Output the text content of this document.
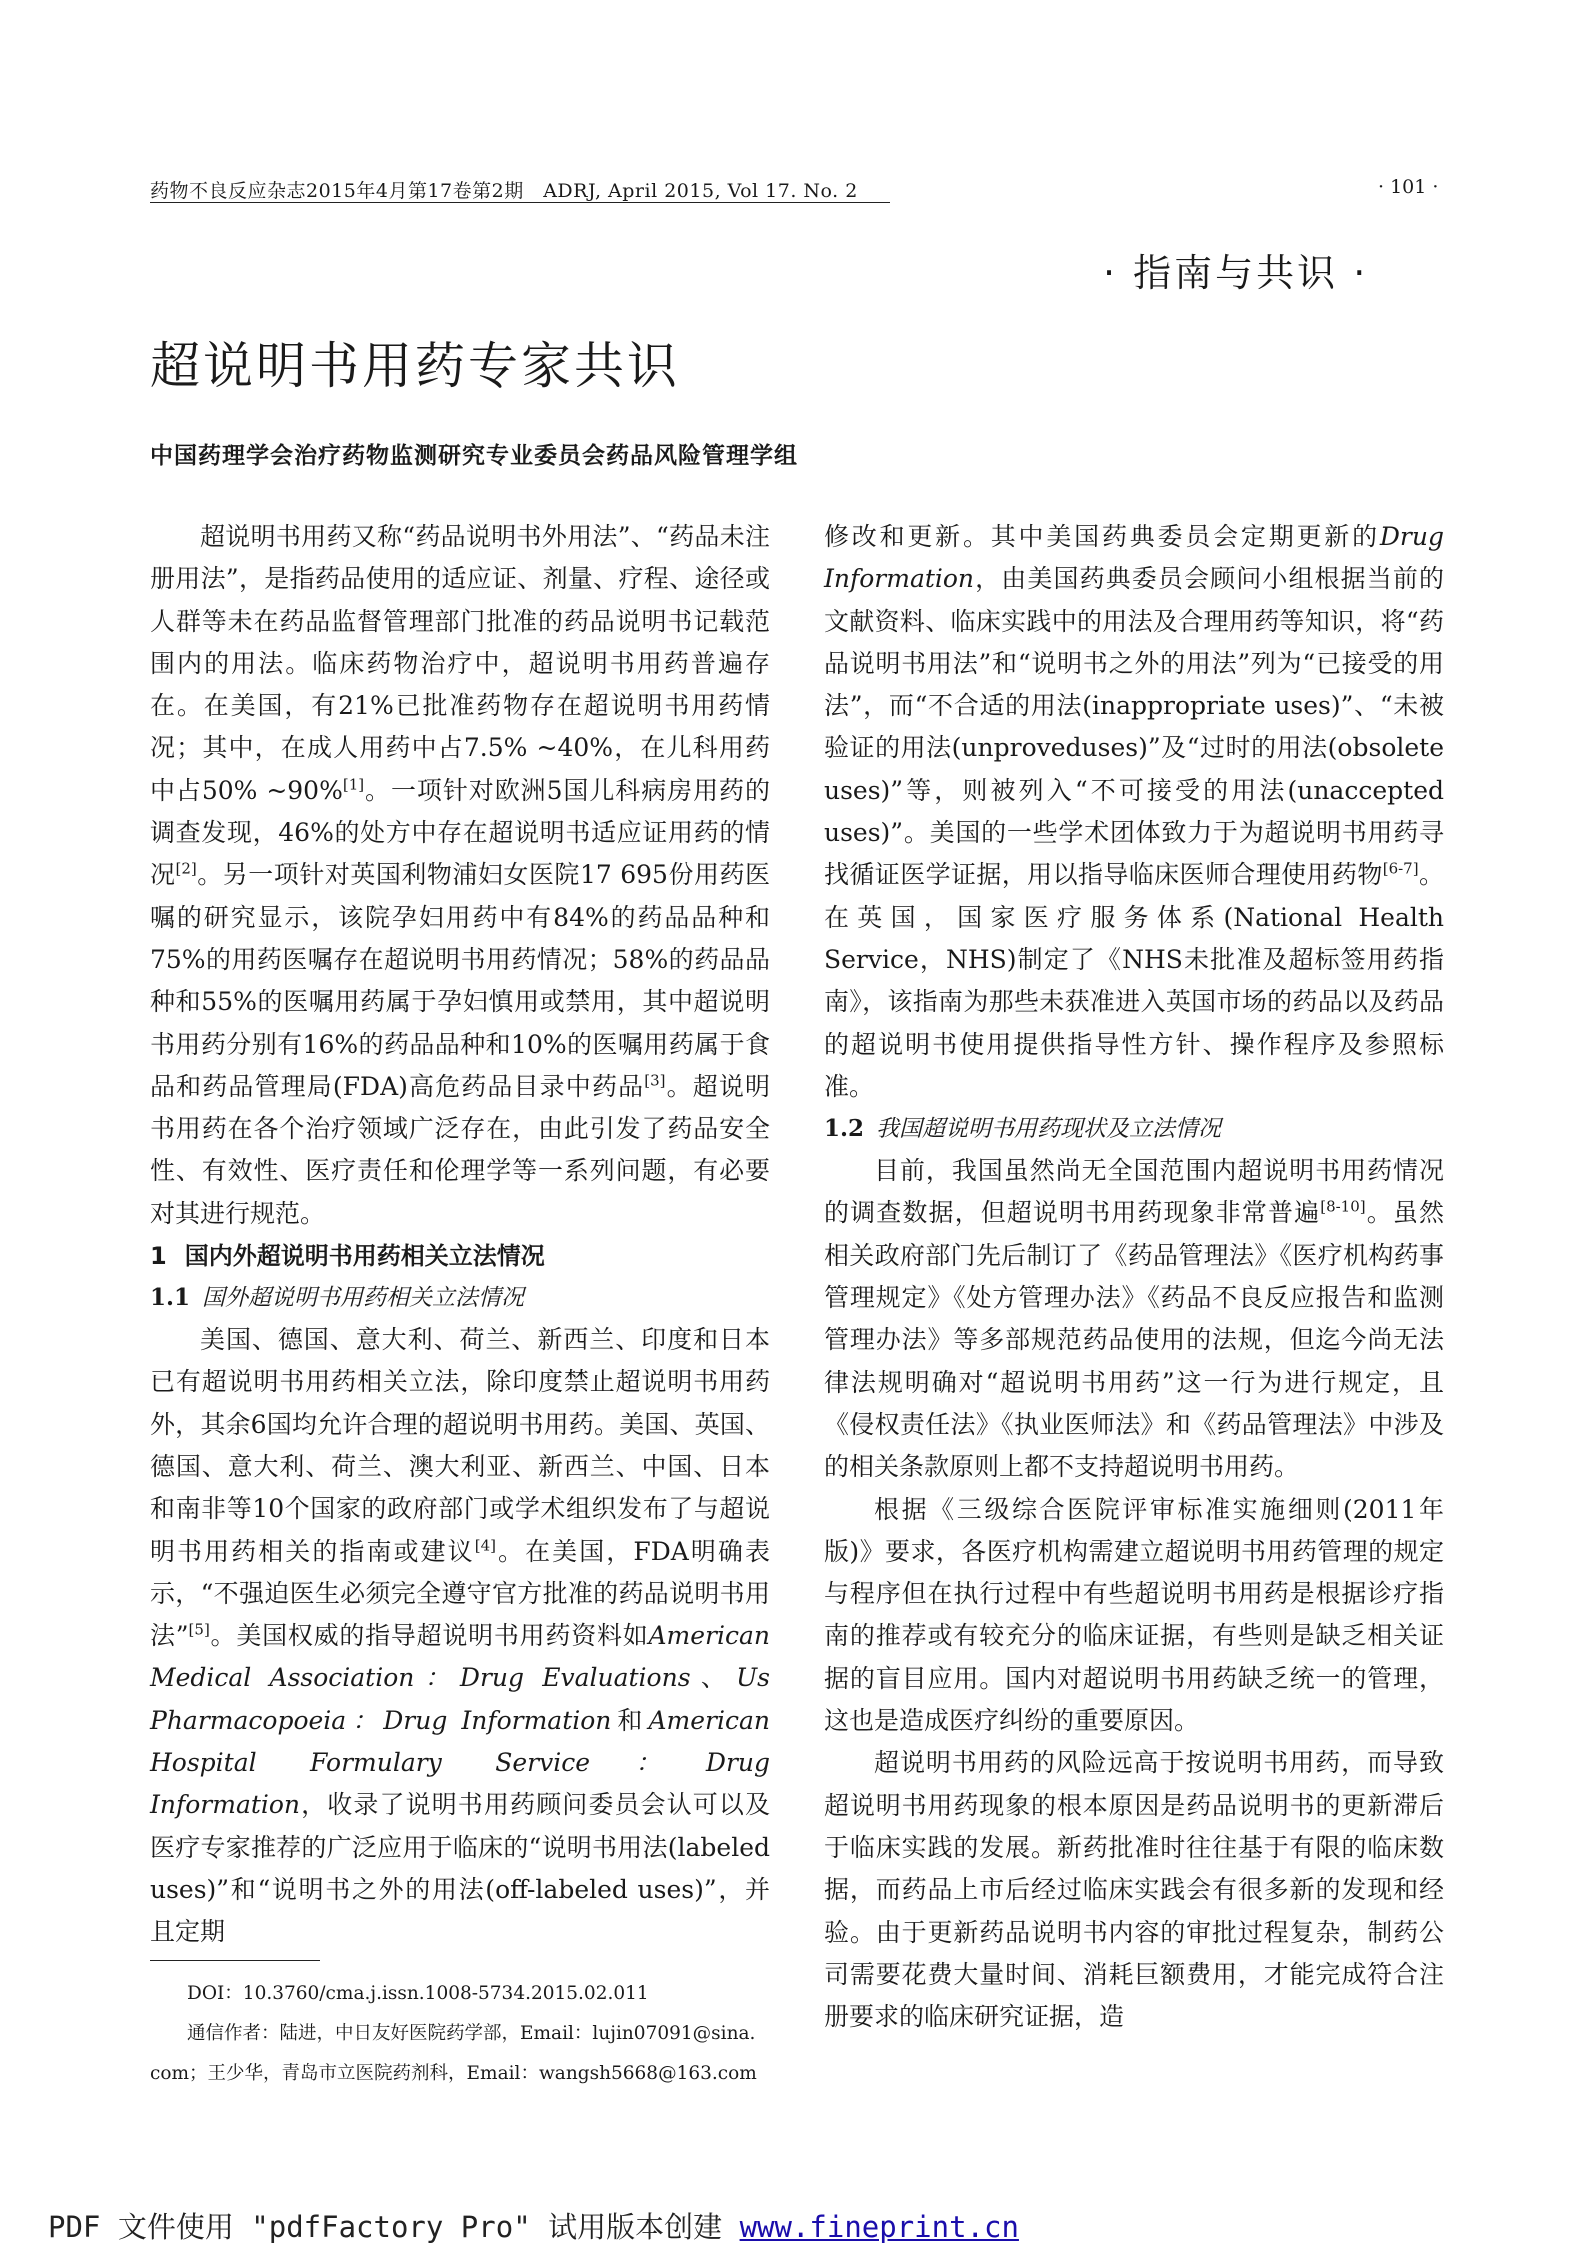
药物不良反应杂志2015年4月第17卷第2期　ADRJ, April 2015, Vol 17. No. 2	· 101 ·
· 指南与共识 ·
超说明书用药专家共识
中国药理学会治疗药物监测研究专业委员会药品风险管理学组

超说明书用药又称“药品说明书外用法”、“药品未注册用法”，是指药品使用的适应证、剂量、疗程、途径或人群等未在药品监督管理部门批准的药品说明书记载范围内的用法。临床药物治疗中，超说明书用药普遍存在。在美国，有21%已批准药物存在超说明书用药情况；其中，在成人用药中占7.5% ~40%，在儿科用药中占50% ~90%[1]。一项针对欧洲5国儿科病房用药的调查发现，46%的处方中存在超说明书适应证用药的情况[2]。另一项针对英国利物浦妇女医院17 695份用药医嘱的研究显示，该院孕妇用药中有84%的药品品种和75%的用药医嘱存在超说明书用药情况；58%的药品品种和55%的医嘱用药属于孕妇慎用或禁用，其中超说明书用药分别有16%的药品品种和10%的医嘱用药属于食品和药品管理局(FDA)高危药品目录中药品[3]。超说明书用药在各个治疗领域广泛存在，由此引发了药品安全性、有效性、医疗责任和伦理学等一系列问题，有必要对其进行规范。

1 国内外超说明书用药相关立法情况
1.1 国外超说明书用药相关立法情况

美国、德国、意大利、荷兰、新西兰、印度和日本已有超说明书用药相关立法，除印度禁止超说明书用药外，其余6国均允许合理的超说明书用药。美国、英国、德国、意大利、荷兰、澳大利亚、新西兰、中国、日本和南非等10个国家的政府部门或学术组织发布了与超说明书用药相关的指南或建议[4]。在美国，FDA明确表示，“不强迫医生必须完全遵守官方批准的药品说明书用法”[5]。美国权威的指导超说明书用药资料如American Medical Association：Drug Evaluations、Us Pharmacopoeia：Drug Information和American Hospital Formulary Service：Drug Information，收录了说明书用药顾问委员会认可以及医疗专家推荐的广泛应用于临床的“说明书用法(labeled uses)”和“说明书之外的用法(off-labeled uses)”，并且定期

修改和更新。其中美国药典委员会定期更新的Drug Information，由美国药典委员会顾问小组根据当前的文献资料、临床实践中的用法及合理用药等知识，将“药品说明书用法”和“说明书之外的用法”列为“已接受的用法”，而“不合适的用法(inappropriate uses)”、“未被验证的用法(unproveduses)”及“过时的用法(obsolete uses)”等，则被列入“不可接受的用法(unaccepted uses)”。美国的一些学术团体致力于为超说明书用药寻找循证医学证据，用以指导临床医师合理使用药物[6-7]。在英国，国家医疗服务体系(National Health Service，NHS)制定了《NHS未批准及超标签用药指南》，该指南为那些未获准进入英国市场的药品以及药品的超说明书使用提供指导性方针、操作程序及参照标准。

1.2 我国超说明书用药现状及立法情况

目前，我国虽然尚无全国范围内超说明书用药情况的调查数据，但超说明书用药现象非常普遍[8-10]。虽然相关政府部门先后制订了《药品管理法》《医疗机构药事管理规定》《处方管理办法》《药品不良反应报告和监测管理办法》等多部规范药品使用的法规，但迄今尚无法律法规明确对“超说明书用药”这一行为进行规定，且《侵权责任法》《执业医师法》和《药品管理法》中涉及的相关条款原则上都不支持超说明书用药。

根据《三级综合医院评审标准实施细则(2011年版)》要求，各医疗机构需建立超说明书用药管理的规定与程序但在执行过程中有些超说明书用药是根据诊疗指南的推荐或有较充分的临床证据，有些则是缺乏相关证据的盲目应用。国内对超说明书用药缺乏统一的管理，这也是造成医疗纠纷的重要原因。

超说明书用药的风险远高于按说明书用药，而导致超说明书用药现象的根本原因是药品说明书的更新滞后于临床实践的发展。新药批准时往往基于有限的临床数据，而药品上市后经过临床实践会有很多新的发现和经验。由于更新药品说明书内容的审批过程复杂，制药公司需要花费大量时间、消耗巨额费用，才能完成符合注册要求的临床研究证据，造

DOI：10.3760/cma.j.issn.1008-5734.2015.02.011

通信作者：陆进，中日友好医院药学部，Email：lujin07091@sina.

com；王少华，青岛市立医院药剂科，Email：wangsh5668@163.com

PDF 文件使用 "pdfFactory Pro" 试用版本创建 www.fineprint.cn
